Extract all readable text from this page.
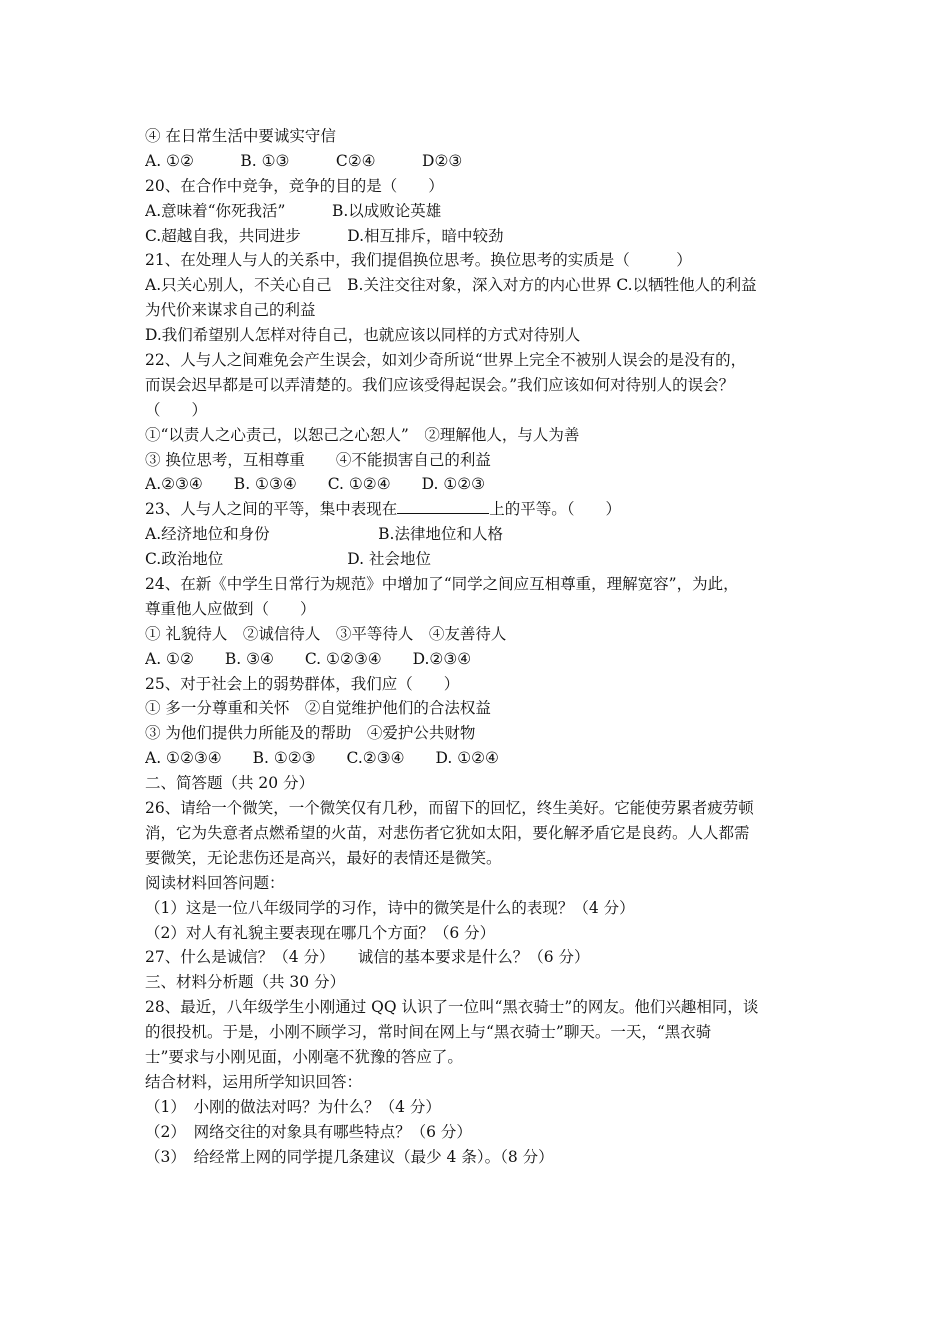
④ 在日常生活中要诚实守信
A. ①②　　　B. ①③　　　C②④　　　D②③
20、在合作中竞争，竞争的目的是（　　）
A.意味着“你死我活”　　　B.以成败论英雄
C.超越自我，共同进步　　　D.相互排斥，暗中较劲
21、在处理人与人的关系中，我们提倡换位思考。换位思考的实质是（　　　）
A.只关心别人，不关心自己　B.关注交往对象，深入对方的内心世界 C.以牺牲他人的利益
为代价来谋求自己的利益
D.我们希望别人怎样对待自己，也就应该以同样的方式对待别人
22、人与人之间难免会产生误会，如刘少奇所说“世界上完全不被别人误会的是没有的，
而误会迟早都是可以弄清楚的。我们应该受得起误会。”我们应该如何对待别人的误会？
（　　）
①“以责人之心责己，以恕己之心恕人”　②理解他人，与人为善
③ 换位思考，互相尊重　　④不能损害自己的利益
A.②③④　　B. ①③④　　C. ①②④　　D. ①②③
23、人与人之间的平等，集中表现在	上的平等。（　　）
A.经济地位和身份　　　　　　　B.法律地位和人格
C.政治地位　　　　　　　　D. 社会地位
24、在新《中学生日常行为规范》中增加了“同学之间应互相尊重，理解宽容”，为此，
尊重他人应做到（　　）
① 礼貌待人　②诚信待人　③平等待人　④友善待人
A. ①②　　B. ③④　　C. ①②③④　　D.②③④
25、对于社会上的弱势群体，我们应（　　）
① 多一分尊重和关怀　②自觉维护他们的合法权益
③ 为他们提供力所能及的帮助　④爱护公共财物
A. ①②③④　　B. ①②③　　C.②③④　　D. ①②④
二、简答题（共 20 分）
26、请给一个微笑，一个微笑仅有几秒，而留下的回忆，终生美好。它能使劳累者疲劳顿
消，它为失意者点燃希望的火苗，对悲伤者它犹如太阳，要化解矛盾它是良药。人人都需
要微笑，无论悲伤还是高兴，最好的表情还是微笑。
阅读材料回答问题：
（1）这是一位八年级同学的习作，诗中的微笑是什么的表现？（4 分）
（2）对人有礼貌主要表现在哪几个方面？（6 分）
27、什么是诚信？（4 分）　　诚信的基本要求是什么？（6 分）
三、材料分析题（共 30 分）
28、最近，八年级学生小刚通过 QQ 认识了一位叫“黑衣骑士”的网友。他们兴趣相同，谈
的很投机。于是，小刚不顾学习，常时间在网上与“黑衣骑士”聊天。一天，“黑衣骑
士”要求与小刚见面，小刚毫不犹豫的答应了。
结合材料，运用所学知识回答：
（1）　小刚的做法对吗？为什么？（4 分）
（2）　网络交往的对象具有哪些特点？（6 分）
（3）　给经常上网的同学提几条建议（最少 4 条）。（8 分）
